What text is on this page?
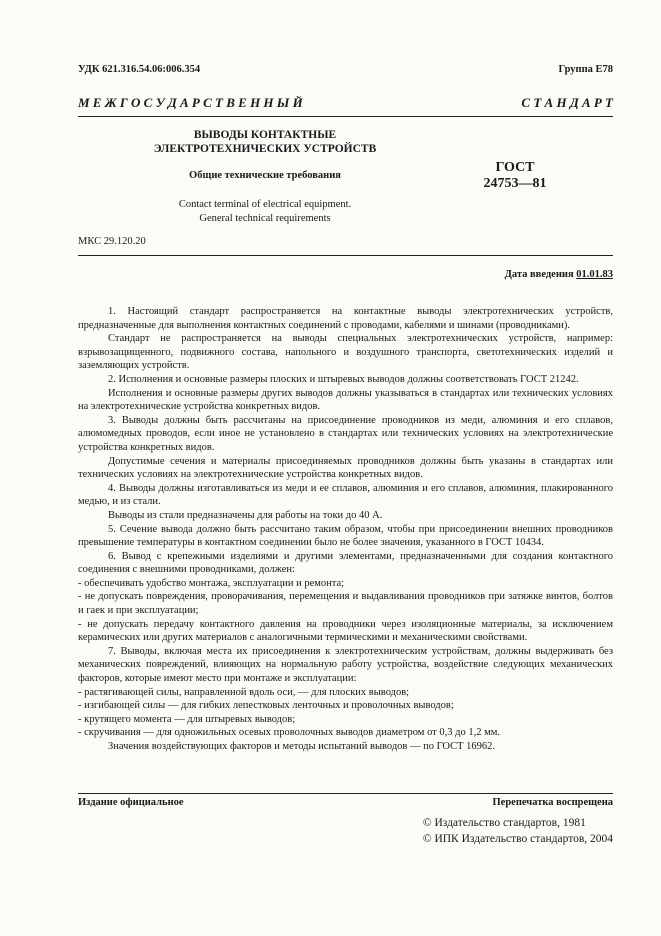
УДК 621.316.54.06:006.354	Группа Е78
М Е Ж Г О С У Д А Р С Т В Е Н Н Ы Й	С Т А Н Д А Р Т
ВЫВОДЫ КОНТАКТНЫЕ
ЭЛЕКТРОТЕХНИЧЕСКИХ УСТРОЙСТВ
Общие технические требования
Contact terminal of electrical equipment.
General technical requirements
ГОСТ
24753—81
МКС 29.120.20
Дата введения 01.01.83

1. Настоящий стандарт распространяется на контактные выводы электротехнических устройств, предназначенные для выполнения контактных соединений с проводами, кабелями и шинами (проводниками).

Стандарт не распространяется на выводы специальных электротехнических устройств, например: взрывозащищенного, подвижного состава, напольного и воздушного транспорта, светотехнических изделий и заземляющих устройств.

2. Исполнения и основные размеры плоских и штыревых выводов должны соответствовать ГОСТ 21242.

Исполнения и основные размеры других выводов должны указываться в стандартах или технических условиях на электротехнические устройства конкретных видов.

3. Выводы должны быть рассчитаны на присоединение проводников из меди, алюминия и его сплавов, алюмомедных проводов, если иное не установлено в стандартах или технических условиях на электротехнические устройства конкретных видов.

Допустимые сечения и материалы присоединяемых проводников должны быть указаны в стандартах или технических условиях на электротехнические устройства конкретных видов.

4. Выводы должны изготавливаться из меди и ее сплавов, алюминия и его сплавов, алюминия, плакированного медью, и из стали.

Выводы из стали предназначены для работы на токи до 40 А.

5. Сечение вывода должно быть рассчитано таким образом, чтобы при присоединении внешних проводников превышение температуры в контактном соединении было не более значения, указанного в ГОСТ 10434.

6. Вывод с крепежными изделиями и другими элементами, предназначенными для создания контактного соединения с внешними проводниками, должен:

- обеспечивать удобство монтажа, эксплуатации и ремонта;

- не допускать повреждения, проворачивания, перемещения и выдавливания проводников при затяжке винтов, болтов и гаек и при эксплуатации;

- не допускать передачу контактного давления на проводники через изоляционные материалы, за исключением керамических или других материалов с аналогичными термическими и механическими свойствами.

7. Выводы, включая места их присоединения к электротехническим устройствам, должны выдерживать без механических повреждений, влияющих на нормальную работу устройства, воздействие следующих механических факторов, которые имеют место при монтаже и эксплуатации:

- растягивающей силы, направленной вдоль оси, — для плоских выводов;

- изгибающей силы — для гибких лепестковых ленточных и проволочных выводов;

- крутящего момента — для штыревых выводов;

- скручивания — для одножильных осевых проволочных выводов диаметром от 0,3 до 1,2 мм.

Значения воздействующих факторов и методы испытаний выводов — по ГОСТ 16962.

Издание официальное	Перепечатка воспрещена
© Издательство стандартов, 1981
© ИПК Издательство стандартов, 2004
